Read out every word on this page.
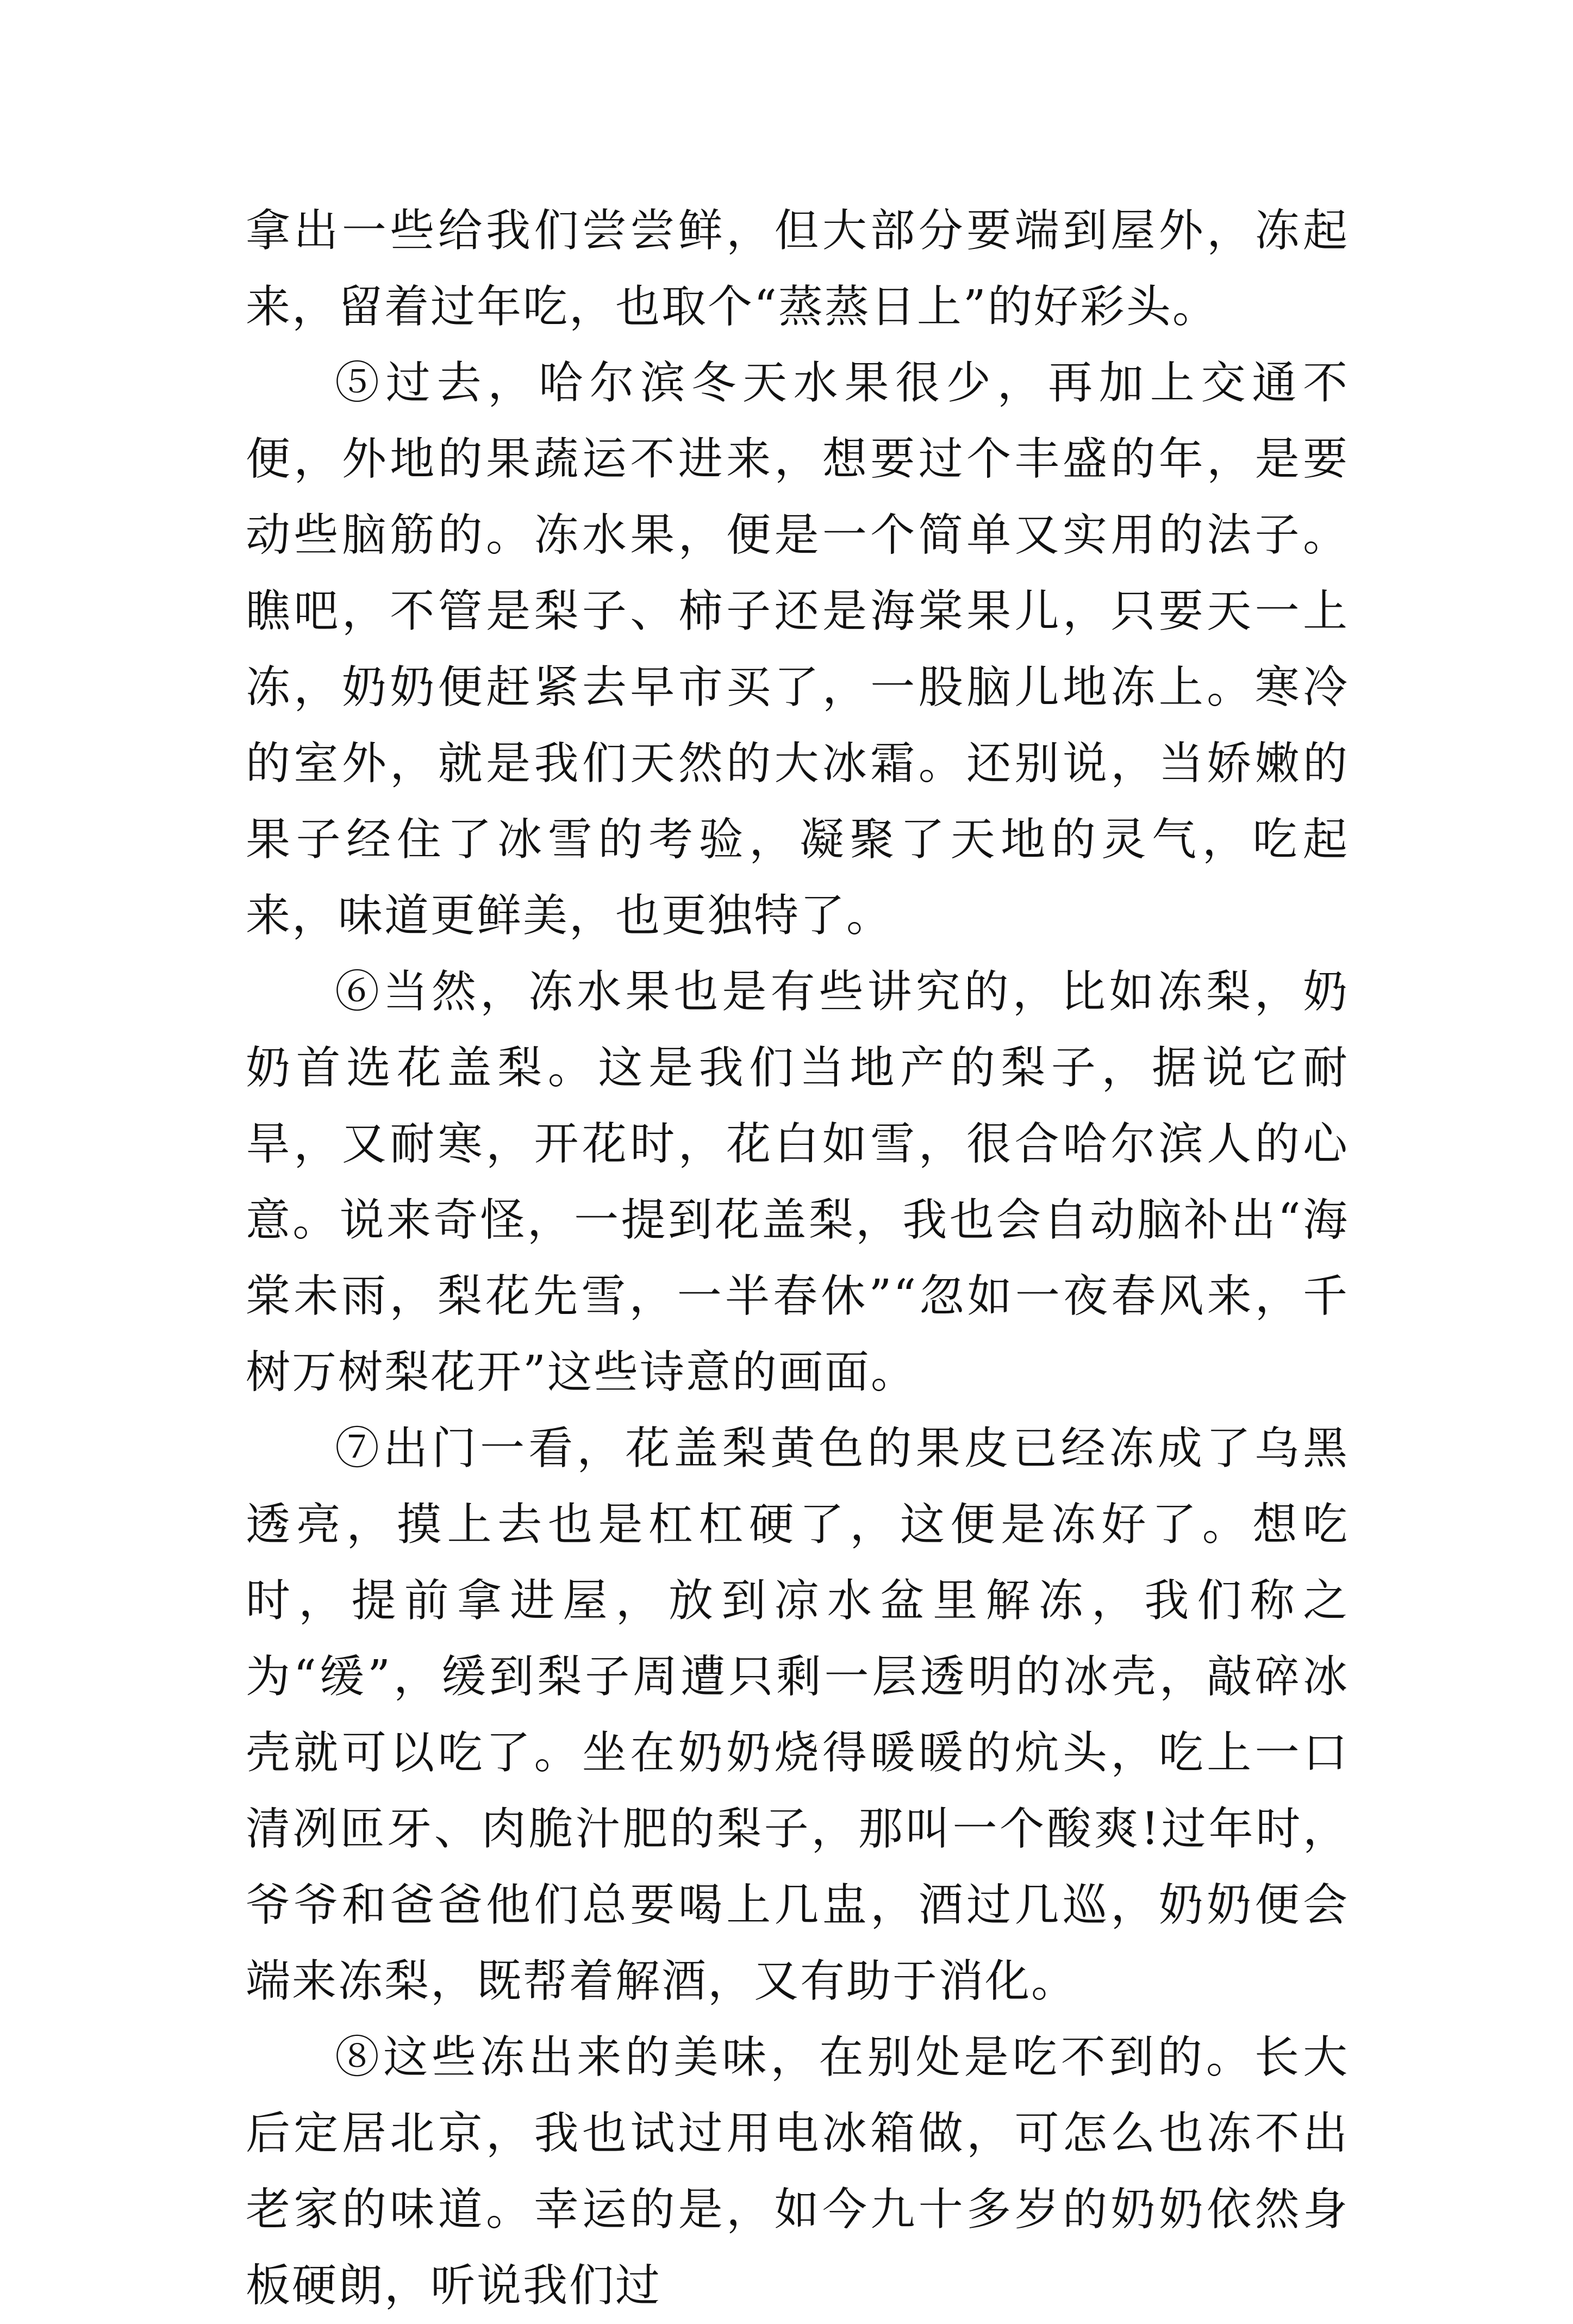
拿出一些给我们尝尝鲜，但大部分要端到屋外，冻起来，留着过年吃，也取个“蒸蒸日上”的好彩头。

⑤过去，哈尔滨冬天水果很少，再加上交通不便，外地的果蔬运不进来，想要过个丰盛的年，是要动些脑筋的。冻水果，便是一个简单又实用的法子。瞧吧，不管是梨子、柿子还是海棠果儿，只要天一上冻，奶奶便赶紧去早市买了，一股脑儿地冻上。寒冷的室外，就是我们天然的大冰霜。还别说，当娇嫩的果子经住了冰雪的考验，凝聚了天地的灵气，吃起来，味道更鲜美，也更独特了。

⑥当然，冻水果也是有些讲究的，比如冻梨，奶奶首选花盖梨。这是我们当地产的梨子，据说它耐旱，又耐寒，开花时，花白如雪，很合哈尔滨人的心意。说来奇怪，一提到花盖梨，我也会自动脑补出“海棠未雨，梨花先雪，一半春休”“忽如一夜春风来，千树万树梨花开”这些诗意的画面。

⑦出门一看，花盖梨黄色的果皮已经冻成了乌黑透亮，摸上去也是杠杠硬了，这便是冻好了。想吃时，提前拿进屋，放到凉水盆里解冻，我们称之为“缓”，缓到梨子周遭只剩一层透明的冰壳，敲碎冰壳就可以吃了。坐在奶奶烧得暖暖的炕头，吃上一口清冽匝牙、肉脆汁肥的梨子，那叫一个酸爽!过年时，爷爷和爸爸他们总要喝上几盅，酒过几巡，奶奶便会端来冻梨，既帮着解酒，又有助于消化。

⑧这些冻出来的美味，在别处是吃不到的。长大后定居北京，我也试过用电冰箱做，可怎么也冻不出老家的味道。幸运的是，如今九十多岁的奶奶依然身板硬朗，听说我们过
